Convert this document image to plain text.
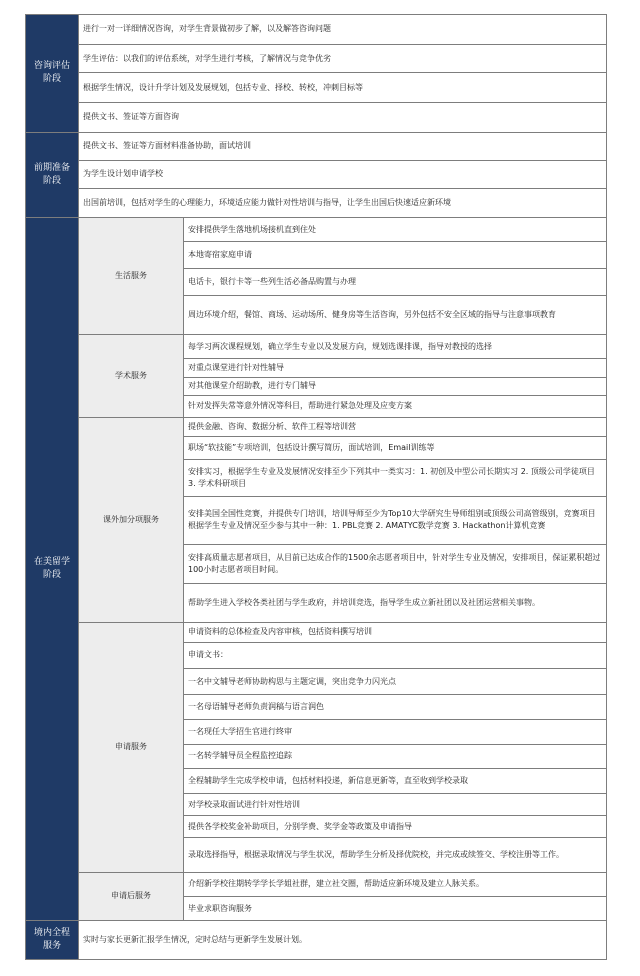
咨询评估
阶段	进行一对一详细情况咨询，对学生背景做初步了解，以及解答咨询问题	
	学生评估：以我们的评估系统，对学生进行考核，了解情况与竞争优劣	
	根据学生情况，设计升学计划及发展规划，包括专业、择校、转校，冲刺目标等	
	提供文书、签证等方面咨询	
前期准备
阶段	提供文书、签证等方面材料准备协助，面试培训	
	为学生设计划申请学校	
	出国前培训，包括对学生的心理能力，环境适应能力做针对性培训与指导，让学生出国后快速适应新环境	
在美留学
阶段	生活服务	安排提供学生落地机场接机直到住处
		本地寄宿家庭申请
		电话卡，银行卡等一些列生活必备品购置与办理
		周边环境介绍，餐馆、商场、运动场所、健身房等生活咨询，另外包括不安全区域的指导与注意事项教育
	学术服务	每学习两次课程规划，确立学生专业以及发展方向，规划选课排课，指导对教授的选择
		对重点课堂进行针对性辅导
		对其他课堂介绍助教，进行专门辅导
		针对发挥失常等意外情况等科目，帮助进行紧急处理及应变方案
	课外加分项服务	提供金融、咨询、数据分析、软件工程等培训营
		职场“软技能”专项培训，包括设计撰写简历，面试培训，Email训练等
		安排实习，根据学生专业及发展情况安排至少下列其中一类实习：1. 初创及中型公司长期实习 2. 顶级公司学徒项目 3. 学术科研项目
		安排美国全国性竞赛，并提供专门培训，培训导师至少为Top10大学研究生导师组别或顶级公司高管级别，竞赛项目根据学生专业及情况至少参与其中一种：1. PBL竞赛 2. AMATYC数学竞赛 3. Hackathon计算机竞赛
		安排高质量志愿者项目，从目前已达成合作的1500余志愿者项目中，针对学生专业及情况，安排项目，保证累积超过100小时志愿者项目时间。
		帮助学生进入学校各类社团与学生政府，并培训竞选，指导学生成立新社团以及社团运营相关事物。
	申请服务	申请资料的总体检查及内容审核，包括资料撰写培训
		申请文书：
		一名中文辅导老师协助构思与主题定调，突出竞争力闪光点
		一名母语辅导老师负责润稿与语言润色
		一名现任大学招生官进行终审
		一名转学辅导员全程监控追踪
		全程辅助学生完成学校申请，包括材料投递，新信息更新等，直至收到学校录取
		对学校录取面试进行针对性培训
		提供各学校奖金补助项目，分别学费、奖学金等政策及申请指导
		录取选择指导，根据录取情况与学生状况，帮助学生分析及择优院校，并完成或续签交、学校注册等工作。
	申请后服务	介绍新学校往期转学学长学姐社群，建立社交圈，帮助适应新环境及建立人脉关系。
		毕业求职咨询服务
境内全程
服务	实时与家长更新汇报学生情况，定时总结与更新学生发展计划。	
